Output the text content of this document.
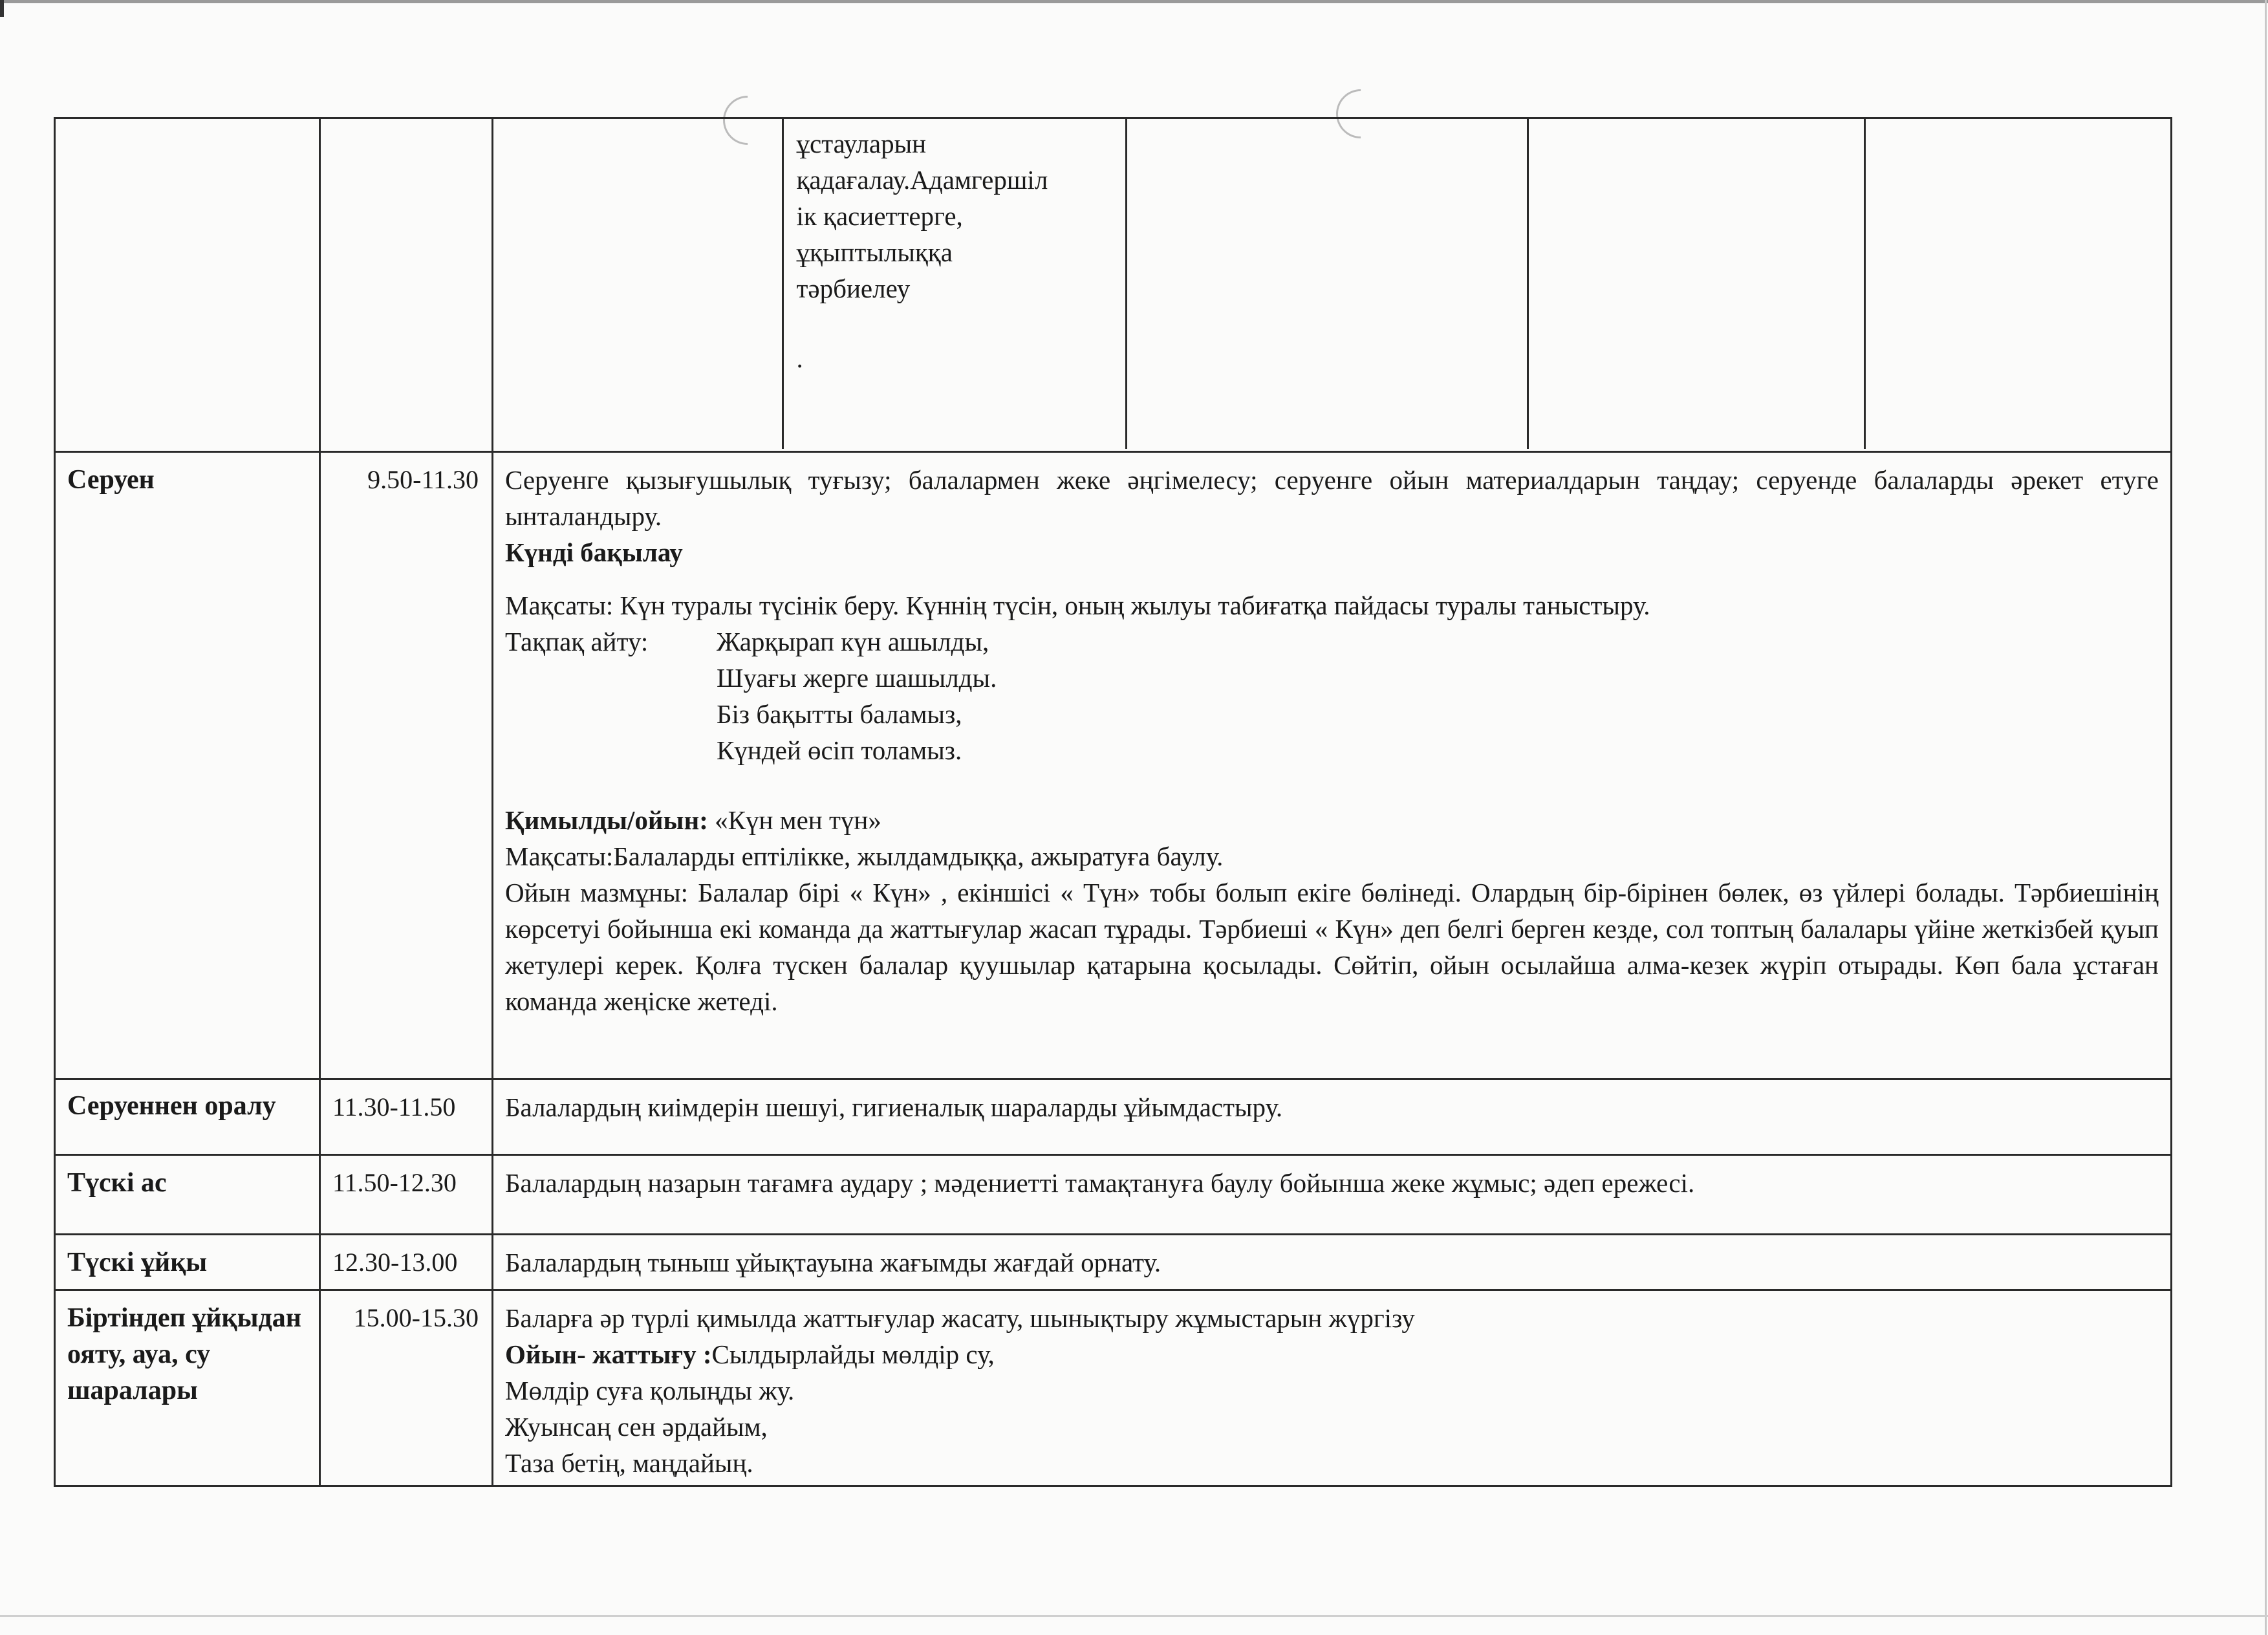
ұстауларын
қадағалау.Адамгершіл
ік қасиеттерге,
ұқыптылыққа
тәрбиелеу
.

Серуен	9.50-11.30	Серуенге қызығушылық туғызу; балалармен жеке әңгімелесу; серуенге ойын материалдарын таңдау; серуенде балаларды әрекет етуге ынталандыру.
Күнді бақылау
Мақсаты: Күн туралы түсінік беру. Күннің түсін, оның жылуы табиғатқа пайдасы туралы таныстыру.
Тақпақ айту:	Жарқырап күн ашылды,
Шуағы жерге шашылды.
Біз бақытты баламыз,
Күндей өсіп толамыз.
Қимылды/ойын: «Күн мен түн»
Мақсаты:Балаларды ептілікке, жылдамдыққа, ажыратуға баулу.
Ойын мазмұны: Балалар бірі « Күн» , екіншісі « Түн» тобы болып екіге бөлінеді. Олардың бір-бірінен бөлек, өз үйлері болады. Тәрбиешінің көрсетуі бойынша екі команда да жаттығулар жасап тұрады. Тәрбиеші « Күн» деп белгі берген кезде, сол топтың балалары үйіне жеткізбей қуып жетулері керек. Қолға түскен балалар қуушылар қатарына қосылады. Сөйтіп, ойын осылайша алма-кезек жүріп отырады. Көп бала ұстаған команда жеңіске жетеді.

Серуеннен оралу	11.30-11.50	Балалардың киімдерін шешуі, гигиеналық шараларды ұйымдастыру.
Түскі ас	11.50-12.30	Балалардың назарын тағамға аудару ; мәдениетті тамақтануға баулу бойынша жеке жұмыс; әдеп ережесі.
Түскі ұйқы	12.30-13.00	Балалардың тыныш ұйықтауына жағымды жағдай орнату.
Біртіндеп ұйқыдан ояту, ауа, су шаралары	15.00-15.30	Баларға әр түрлі қимылда жаттығулар жасату, шынықтыру жұмыстарын жүргізу
Ойын- жаттығу :Сылдырлайды мөлдір су,
Мөлдір суға қолыңды жу.
Жуынсаң сен әрдайым,
Таза бетің, маңдайың.
